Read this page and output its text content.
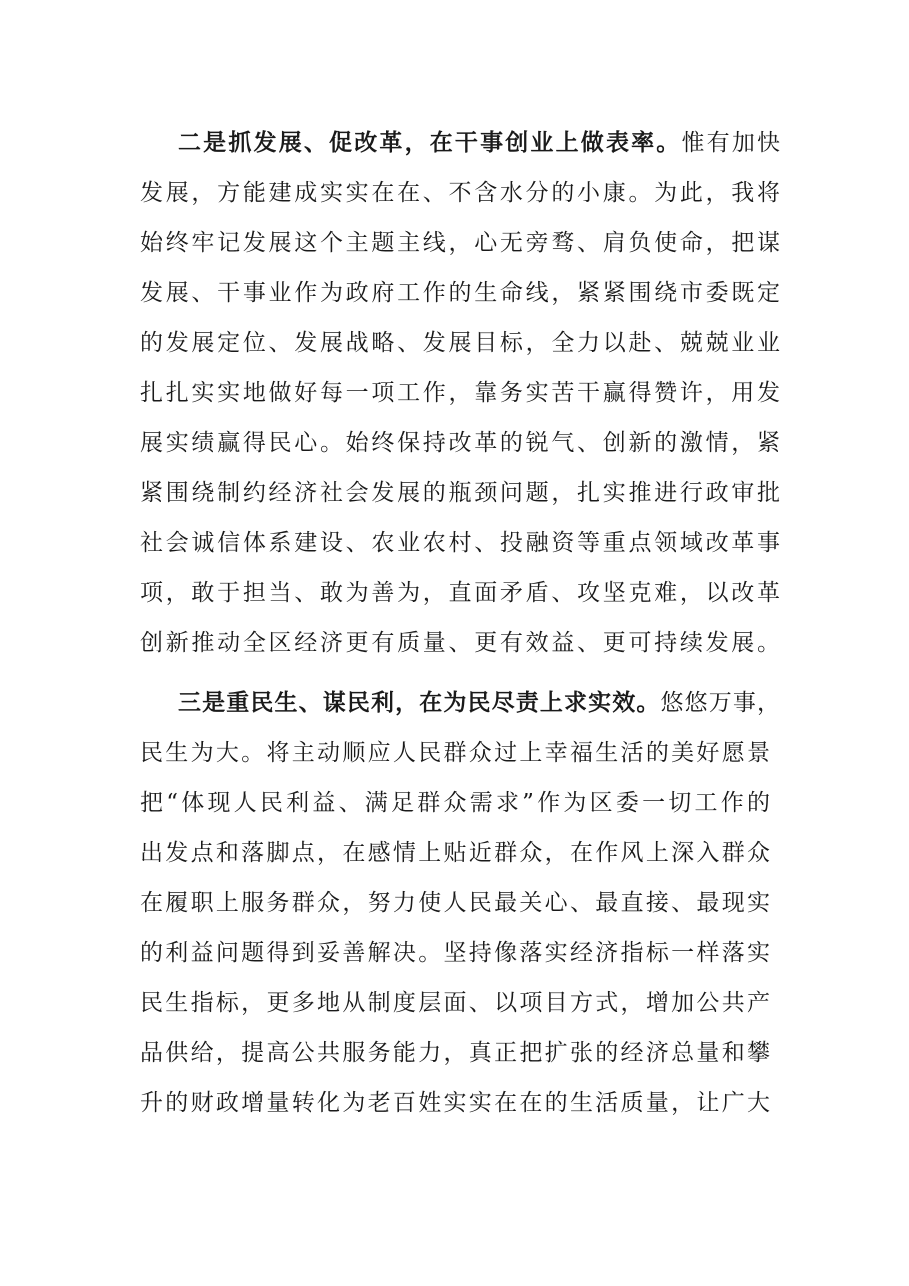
二是抓发展、促改革，在干事创业上做表率。惟有加快
发展，方能建成实实在在、不含水分的小康。为此，我将
始终牢记发展这个主题主线，心无旁骛、肩负使命，把谋
发展、干事业作为政府工作的生命线，紧紧围绕市委既定
的发展定位、发展战略、发展目标，全力以赴、兢兢业业
扎扎实实地做好每一项工作，靠务实苦干赢得赞许，用发
展实绩赢得民心。始终保持改革的锐气、创新的激情，紧
紧围绕制约经济社会发展的瓶颈问题，扎实推进行政审批
社会诚信体系建设、农业农村、投融资等重点领域改革事
项，敢于担当、敢为善为，直面矛盾、攻坚克难，以改革
创新推动全区经济更有质量、更有效益、更可持续发展。
三是重民生、谋民利，在为民尽责上求实效。悠悠万事，
民生为大。将主动顺应人民群众过上幸福生活的美好愿景
把“体现人民利益、满足群众需求”作为区委一切工作的
出发点和落脚点，在感情上贴近群众，在作风上深入群众
在履职上服务群众，努力使人民最关心、最直接、最现实
的利益问题得到妥善解决。坚持像落实经济指标一样落实
民生指标，更多地从制度层面、以项目方式，增加公共产
品供给，提高公共服务能力，真正把扩张的经济总量和攀
升的财政增量转化为老百姓实实在在的生活质量，让广大
